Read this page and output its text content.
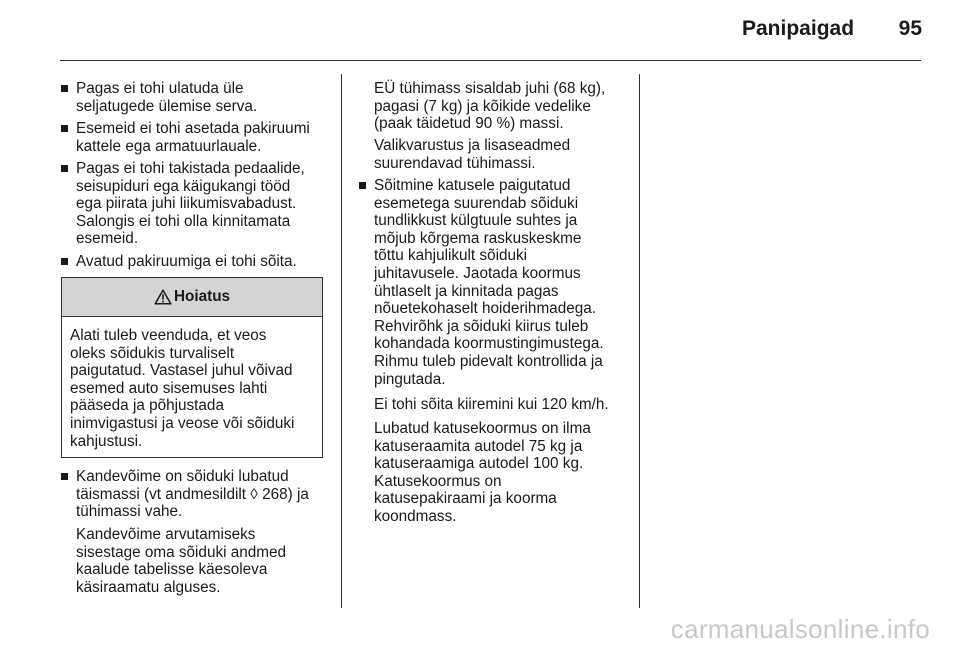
Panipaigad	95
Pagas ei tohi ulatuda üle
seljatugede ülemise serva.
Esemeid ei tohi asetada pakiruumi
kattele ega armatuurlauale.
Pagas ei tohi takistada pedaalide,
seisupiduri ega käigukangi tööd
ega piirata juhi liikumisvabadust.
Salongis ei tohi olla kinnitamata
esemeid.
Avatud pakiruumiga ei tohi sõita.
Hoiatus
Alati tuleb veenduda, et veos
oleks sõidukis turvaliselt
paigutatud. Vastasel juhul võivad
esemed auto sisemuses lahti
pääseda ja põhjustada
inimvigastusi ja veose või sõiduki
kahjustusi.
Kandevõime on sõiduki lubatud
täismassi (vt andmesildilt ◊ 268) ja
tühimassi vahe.
Kandevõime arvutamiseks
sisestage oma sõiduki andmed
kaalude tabelisse käesoleva
käsiraamatu alguses.
EÜ tühimass sisaldab juhi (68 kg),
pagasi (7 kg) ja kõikide vedelike
(paak täidetud 90 %) massi.
Valikvarustus ja lisaseadmed
suurendavad tühimassi.
Sõitmine katusele paigutatud
esemetega suurendab sõiduki
tundlikkust külgtuule suhtes ja
mõjub kõrgema raskuskeskme
tõttu kahjulikult sõiduki
juhitavusele. Jaotada koormus
ühtlaselt ja kinnitada pagas
nõuetekohaselt hoiderihmadega.
Rehvirõhk ja sõiduki kiirus tuleb
kohandada koormustingimustega.
Rihmu tuleb pidevalt kontrollida ja
pingutada.
Ei tohi sõita kiiremini kui 120 km/h.
Lubatud katusekoormus on ilma
katuseraamita autodel 75 kg ja
katuseraamiga autodel 100 kg.
Katusekoormus on
katusepakiraami ja koorma
koondmass.
carmanualsonline.info
